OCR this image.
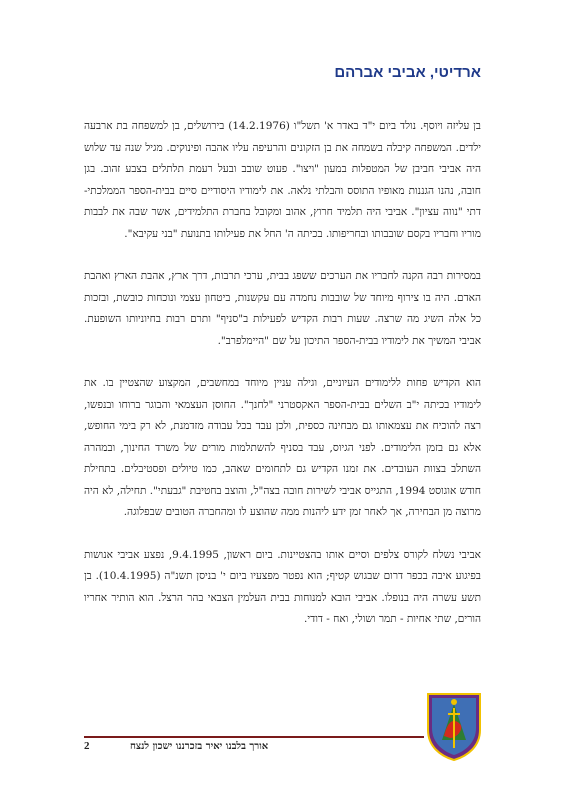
ארדיטי, אביבי אברהם

בן עליזה ויוסף. נולד ביום י"ד באדר א' תשל"ו (14.2.1976) בירושלים, בן למשפחה בת ארבעה ילדים. המשפחה קיבלה בשמחה את בן הזקונים והרעיפה עליו אהבה ופינוקים. מגיל שנה עד שלוש היה אביבי חביבן של המטפלות במעון "ויצו". פעוט שובב ובעל רעמת תלתלים בצבע זהוב. בגן חובה, נהנו הגננות מאופיו התוסס והבלתי נלאה. את לימודיו היסודיים סיים בבית-הספר הממלכתי- דתי "נווה עציון". אביבי היה תלמיד חרוץ, אהוב ומקובל בחברת התלמידים, אשר שבה את לבבות מוריו וחבריו בקסם שובבותו ובחריפותו. בכיתה ה' החל את פעילותו בתנועת "בני עקיבא".

במסירות רבה הקנה לחבריו את הערכים ששפג בבית, ערכי תרבות, דרך ארץ, אהבת הארץ ואהבת האדם. היה בו צירוף מיוחד של שובבות נחמדה עם עקשנות, ביטחון עצמי ונוכחות כובשת, ובזכות כל אלה השיג מה שרצה. שעות רבות הקדיש לפעילות ב"סניף" ותרם רבות בחיוניותו השופעת. אביבי המשיך את לימודיו בבית-הספר התיכון על שם "היימלפרב".

הוא הקדיש פחות ללימודים העיוניים, וגילה עניין מיוחד במחשבים, המקצוע שהצטיין בו. את לימודיו בכיתה י"ב השלים בבית-הספר האקסטרני "לחנך". החוסן העצמאי והבוגר ברוחו ובנפשו, רצה להוכיח את עצמאותו גם מבחינה כספית, ולכן עבד בכל עבודה מזדמנת, לא רק בימי החופש, אלא גם בזמן הלימודים. לפני הגיוס, עבד בסניף להשתלמות מורים של משרד החינוך, ובמהרה השתלב בצוות העובדים. את זמנו הקדיש גם לתחומים שאהב, כמו טיולים ופסטיבלים. בתחילת חודש אוגוסט 1994, התגייס אביבי לשירות חובה בצה"ל, והוצב בחטיבת "גבעתי". תחילה, לא היה מרוצה מן הבחירה, אך לאחר זמן ידע ליהנות ממה שהוצע לו ומהחברה הטובים שבפלוגה.

אביבי נשלח לקורס צלפים וסיים אותו בהצטיינות. ביום ראשון, 9.4.1995, נפצע אביבי אנושות בפיגוע איבה בכפר דרום שבגוש קטיף; הוא נפטר מפצעיו ביום י' בניסן תשנ"ה (10.4.1995). בן תשע עשרה היה בנופלו. אביבי הובא למנוחות בבית העלמין הצבאי בהר הרצל. הוא הותיר אחריו הורים, שתי אחיות - תמר ושולי, ואח - דודי.

2	אורך בלבנו יאיר בזכרננו ישכון לנצח
